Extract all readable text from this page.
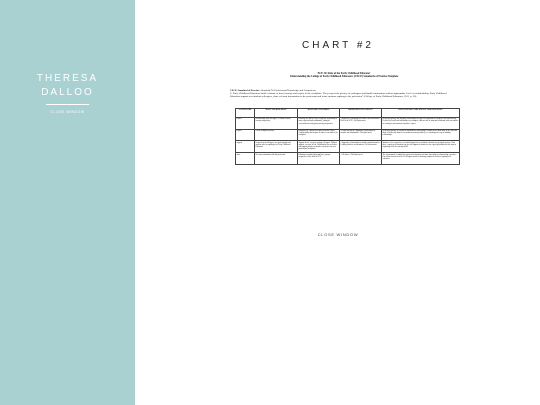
THERESA
DALLOO
CLOSE WINDOW
CHART #2
ECE 221 Role of the Early Childhood Educator
Understanding the College of Early Childhood Educators (CECE) Standards of Practice Template
CECE Standard of Practice: Standard IV: Professional Knowledge and Competence
C. Early Childhood Educators build a climate of trust, honesty and respect in the workplace. They respect the privacy of colleagues and handle information with an appropriate level of confidentiality. Early Childhood Educators support new/student colleagues, share relevant information to the profession and foster mentors aspiring to the profession" (College of Early Childhood Educators, 2011, p. 20).
ACTION VERB	WHAT AND WHO WHEN	WHAT DOES ITS LOOKS?	WHERE DID YOU LEARN IT?	WHAT THE DOES THIS WHAT IS YOUR RESPONSE?
respect	Relationships with colleagues. A climate of trust, honesty and privacy.	Ensuring sure that we have a trust able relationship of trust, respectful and confidential, letting the conversation be truly given privacy perspective.	• Supportive relationships in families and information • Role of the ECE • Field placement	Respecting privacy and building relationships/colleagues are important as children's trust and honesty. It's also key to pick and collaborate to be adaptive, than are able to trust and collaborate with our families in creating an environment of positive respect.
respect	Create workplace privacy.	Educators are expected to respect & restore ethics. Confidentiality and respect of others is essential to the workplace.	• Health and safety • Supportive relationships in families and information • Field placement	Respecting privacy is essential to maintain the relationships. Trusting leaves them more to feel safe and share, because they trust the environment created positively, we encourage the way to building relationships.
support	Inexperienced colleagues, new professionals and students who are aspiring to be Early Childhood Educators.	Support & care everyone getting colleagues. Without support, everyone is lost, collaboration for each other and support provides a positive experience into new professional workplace.	• Supportive relationships in families and information • Leading inclusive environments • Field placement	Students or less experience you should support to new/student educators for giving them more. With these, experienced educators can give the support to themselves for a growing and provide the steps in improving all of the entering fields.
share	Relevant information with the profession.	Educators can share/ideas and have a proper perspective of the field of ECE.	• All classes • Field placement	The environment is enabled by experienced educators can share knowledge to acknowledge a positive. Good share known in field of Colleagues useful for learning component for those aspiring to be educators.
CLOSE WINDOW
